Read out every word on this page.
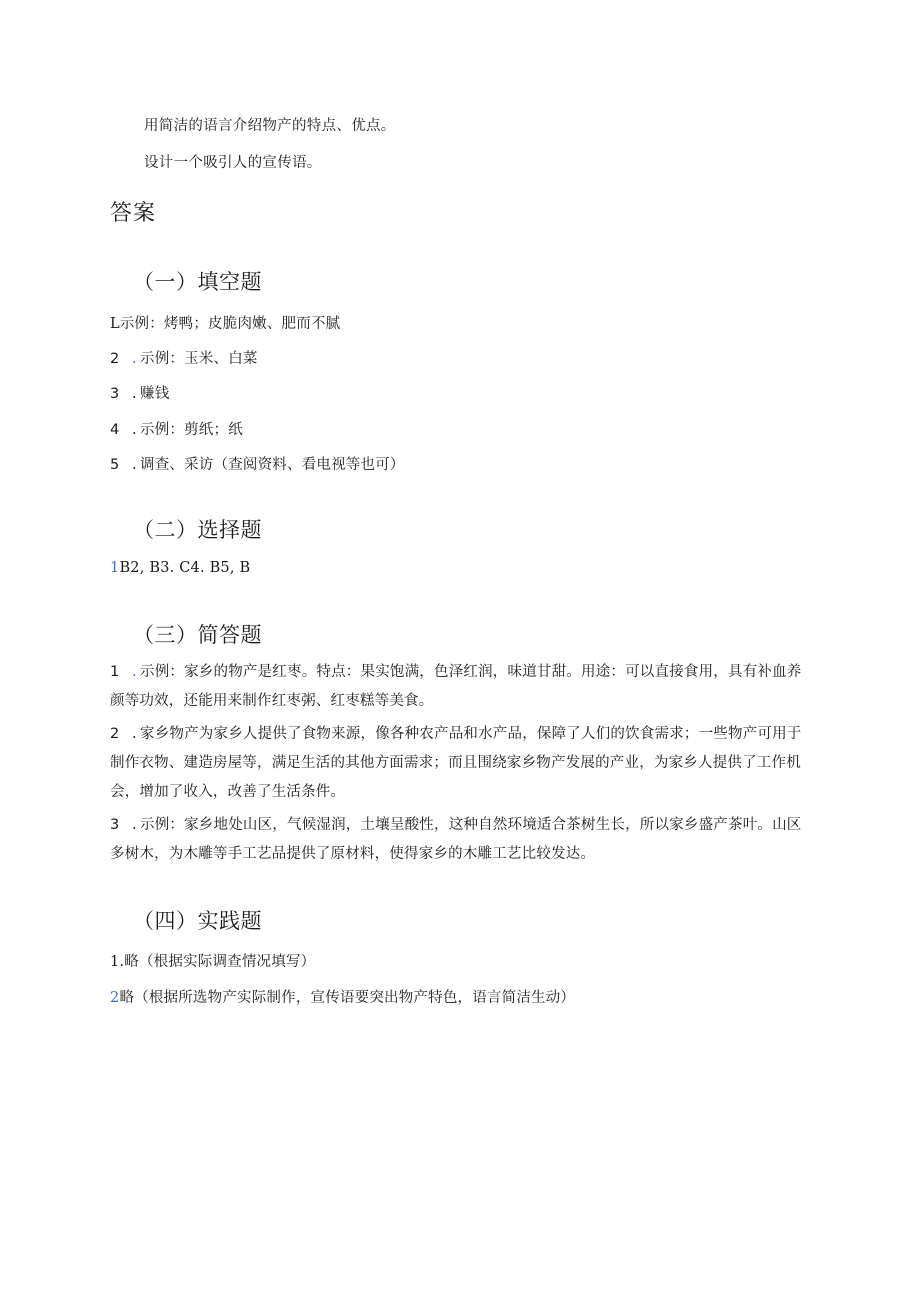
用简洁的语言介绍物产的特点、优点。
设计一个吸引人的宣传语。
答案
（一）填空题
L示例：烤鸭；皮脆肉嫩、肥而不腻
2 . 示例：玉米、白菜
3 . 赚钱
4 . 示例：剪纸；纸
5 . 调查、采访（查阅资料、看电视等也可）
（二）选择题
1B2, B3. C4. B5, B
（三）简答题
1 . 示例：家乡的物产是红枣。特点：果实饱满，色泽红润，味道甘甜。用途：可以直接食用，具有补血养颜等功效，还能用来制作红枣粥、红枣糕等美食。
2 . 家乡物产为家乡人提供了食物来源，像各种农产品和水产品，保障了人们的饮食需求；一些物产可用于制作衣物、建造房屋等，满足生活的其他方面需求；而且围绕家乡物产发展的产业，为家乡人提供了工作机会，增加了收入，改善了生活条件。
3 . 示例：家乡地处山区，气候湿润，土壤呈酸性，这种自然环境适合茶树生长，所以家乡盛产茶叶。山区多树木，为木雕等手工艺品提供了原材料，使得家乡的木雕工艺比较发达。
（四）实践题
1.略（根据实际调查情况填写）
2略（根据所选物产实际制作，宣传语要突出物产特色，语言简洁生动）
